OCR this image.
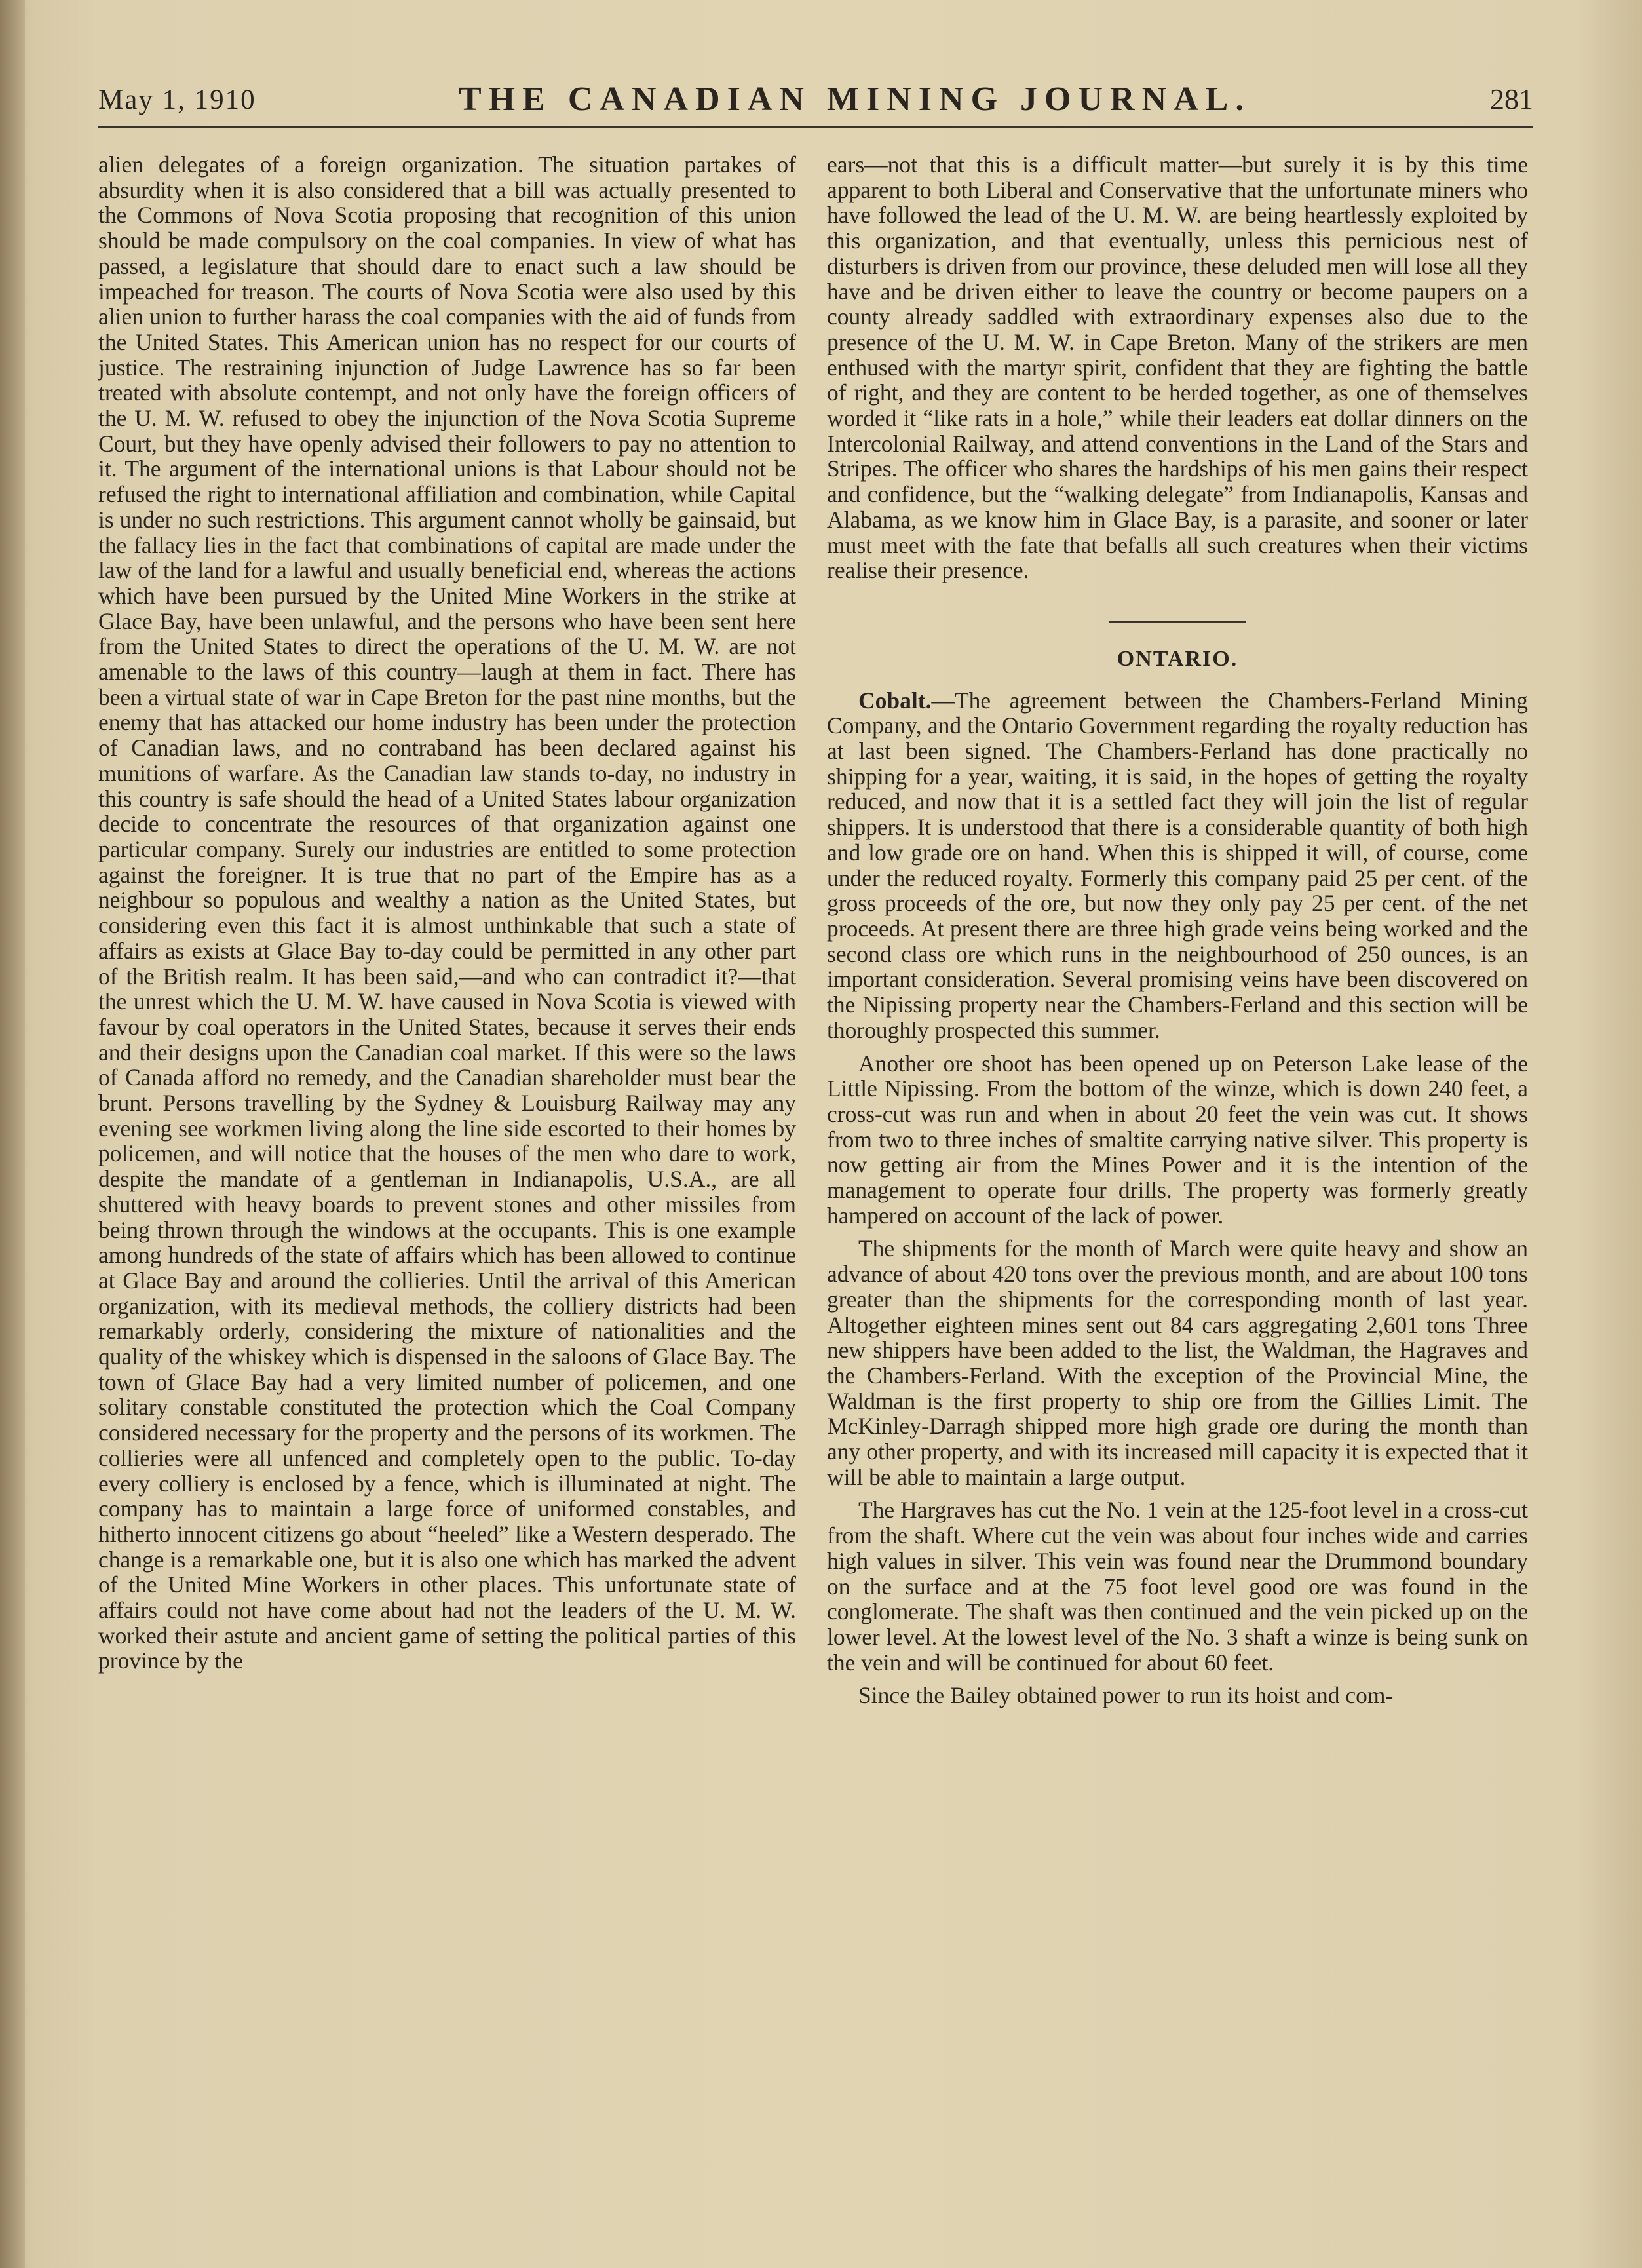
May 1, 1910	THE CANADIAN MINING JOURNAL.	281

alien delegates of a foreign organization. The situation partakes of absurdity when it is also considered that a bill was actually presented to the Commons of Nova Scotia proposing that recognition of this union should be made compulsory on the coal companies. In view of what has passed, a legislature that should dare to enact such a law should be impeached for treason. The courts of Nova Scotia were also used by this alien union to further harass the coal companies with the aid of funds from the United States. This American union has no respect for our courts of justice. The restraining injunction of Judge Lawrence has so far been treated with absolute contempt, and not only have the foreign officers of the U. M. W. refused to obey the injunction of the Nova Scotia Supreme Court, but they have openly advised their followers to pay no attention to it. The argument of the international unions is that Labour should not be refused the right to international affiliation and combination, while Capital is under no such restrictions. This argument cannot wholly be gainsaid, but the fallacy lies in the fact that combinations of capital are made under the law of the land for a lawful and usually beneficial end, whereas the actions which have been pursued by the United Mine Workers in the strike at Glace Bay, have been unlawful, and the persons who have been sent here from the United States to direct the operations of the U. M. W. are not amenable to the laws of this country—laugh at them in fact. There has been a virtual state of war in Cape Breton for the past nine months, but the enemy that has attacked our home industry has been under the protection of Canadian laws, and no contraband has been declared against his munitions of warfare. As the Canadian law stands to-day, no industry in this country is safe should the head of a United States labour organization decide to concentrate the resources of that organization against one particular company. Surely our industries are entitled to some protection against the foreigner. It is true that no part of the Empire has as a neighbour so populous and wealthy a nation as the United States, but considering even this fact it is almost unthinkable that such a state of affairs as exists at Glace Bay to-day could be permitted in any other part of the British realm. It has been said,—and who can contradict it?—that the unrest which the U. M. W. have caused in Nova Scotia is viewed with favour by coal operators in the United States, because it serves their ends and their designs upon the Canadian coal market. If this were so the laws of Canada afford no remedy, and the Canadian shareholder must bear the brunt. Persons travelling by the Sydney & Louisburg Railway may any evening see workmen living along the line side escorted to their homes by policemen, and will notice that the houses of the men who dare to work, despite the mandate of a gentleman in Indianapolis, U.S.A., are all shuttered with heavy boards to prevent stones and other missiles from being thrown through the windows at the occupants. This is one example among hundreds of the state of affairs which has been allowed to continue at Glace Bay and around the collieries. Until the arrival of this American organization, with its medieval methods, the colliery districts had been remarkably orderly, considering the mixture of nationalities and the quality of the whiskey which is dispensed in the saloons of Glace Bay. The town of Glace Bay had a very limited number of policemen, and one solitary constable constituted the protection which the Coal Company considered necessary for the property and the persons of its workmen. The collieries were all unfenced and completely open to the public. To-day every colliery is enclosed by a fence, which is illuminated at night. The company has to maintain a large force of uniformed constables, and hitherto innocent citizens go about “heeled” like a Western desperado. The change is a remarkable one, but it is also one which has marked the advent of the United Mine Workers in other places. This unfortunate state of affairs could not have come about had not the leaders of the U. M. W. worked their astute and ancient game of setting the political parties of this province by the

ears—not that this is a difficult matter—but surely it is by this time apparent to both Liberal and Conservative that the unfortunate miners who have followed the lead of the U. M. W. are being heartlessly exploited by this organization, and that eventually, unless this pernicious nest of disturbers is driven from our province, these deluded men will lose all they have and be driven either to leave the country or become paupers on a county already saddled with extraordinary expenses also due to the presence of the U. M. W. in Cape Breton. Many of the strikers are men enthused with the martyr spirit, confident that they are fighting the battle of right, and they are content to be herded together, as one of themselves worded it “like rats in a hole,” while their leaders eat dollar dinners on the Intercolonial Railway, and attend conventions in the Land of the Stars and Stripes. The officer who shares the hardships of his men gains their respect and confidence, but the “walking delegate” from Indianapolis, Kansas and Alabama, as we know him in Glace Bay, is a parasite, and sooner or later must meet with the fate that befalls all such creatures when their victims realise their presence.

ONTARIO.

Cobalt.—The agreement between the Chambers-Ferland Mining Company, and the Ontario Government regarding the royalty reduction has at last been signed. The Chambers-Ferland has done practically no shipping for a year, waiting, it is said, in the hopes of getting the royalty reduced, and now that it is a settled fact they will join the list of regular shippers. It is understood that there is a considerable quantity of both high and low grade ore on hand. When this is shipped it will, of course, come under the reduced royalty. Formerly this company paid 25 per cent. of the gross proceeds of the ore, but now they only pay 25 per cent. of the net proceeds. At present there are three high grade veins being worked and the second class ore which runs in the neighbourhood of 250 ounces, is an important consideration. Several promising veins have been discovered on the Nipissing property near the Chambers-Ferland and this section will be thoroughly prospected this summer.

Another ore shoot has been opened up on Peterson Lake lease of the Little Nipissing. From the bottom of the winze, which is down 240 feet, a cross-cut was run and when in about 20 feet the vein was cut. It shows from two to three inches of smaltite carrying native silver. This property is now getting air from the Mines Power and it is the intention of the management to operate four drills. The property was formerly greatly hampered on account of the lack of power.

The shipments for the month of March were quite heavy and show an advance of about 420 tons over the previous month, and are about 100 tons greater than the shipments for the corresponding month of last year. Altogether eighteen mines sent out 84 cars aggregating 2,601 tons Three new shippers have been added to the list, the Waldman, the Hagraves and the Chambers-Ferland. With the exception of the Provincial Mine, the Waldman is the first property to ship ore from the Gillies Limit. The McKinley-Darragh shipped more high grade ore during the month than any other property, and with its increased mill capacity it is expected that it will be able to maintain a large output.

The Hargraves has cut the No. 1 vein at the 125-foot level in a cross-cut from the shaft. Where cut the vein was about four inches wide and carries high values in silver. This vein was found near the Drummond boundary on the surface and at the 75 foot level good ore was found in the conglomerate. The shaft was then continued and the vein picked up on the lower level. At the lowest level of the No. 3 shaft a winze is being sunk on the vein and will be continued for about 60 feet.

Since the Bailey obtained power to run its hoist and com-
